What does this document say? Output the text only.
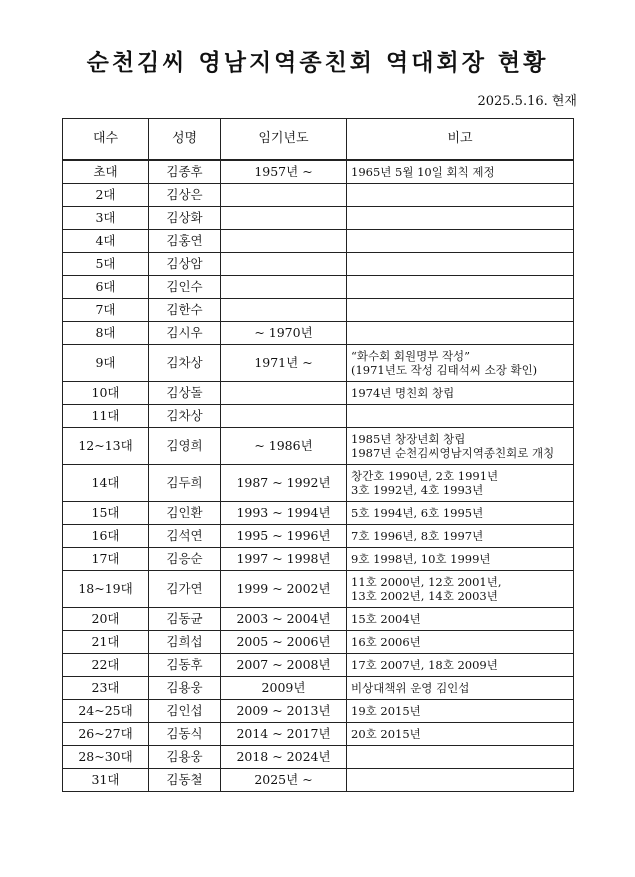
순천김씨 영남지역종친회 역대회장 현황
2025.5.16. 현재
대수	성명	임기년도	비고
초대	김종후	1957년 ~	1965년 5월 10일 회칙 제정

2대	김상은		
3대	김상화		
4대	김홍연		
5대	김상암		
6대	김인수		
7대	김한수		
8대	김시우	~ 1970년	
9대	김차상	1971년 ~	“화수회 회원명부 작성”
(1971년도 작성 김태석씨 소장 확인)

10대	김상돌		1974년 명친회 창립

11대	김차상		
12~13대	김영희	~ 1986년	1985년 창장년회 창립
1987년 순천김씨영남지역종친회로 개칭

14대	김두희	1987 ~ 1992년	창간호 1990년, 2호 1991년
3호 1992년, 4호 1993년

15대	김인환	1993 ~ 1994년	5호 1994년, 6호 1995년

16대	김석연	1995 ~ 1996년	7호 1996년, 8호 1997년

17대	김응순	1997 ~ 1998년	9호 1998년, 10호 1999년

18~19대	김가연	1999 ~ 2002년	11호 2000년, 12호 2001년,
13호 2002년, 14호 2003년

20대	김동균	2003 ~ 2004년	15호 2004년

21대	김희섭	2005 ~ 2006년	16호 2006년

22대	김동후	2007 ~ 2008년	17호 2007년, 18호 2009년

23대	김용웅	2009년	비상대책위 운영 김인섭

24~25대	김인섭	2009 ~ 2013년	19호 2015년

26~27대	김동식	2014 ~ 2017년	20호 2015년

28~30대	김용웅	2018 ~ 2024년	
31대	김동철	2025년 ~	
